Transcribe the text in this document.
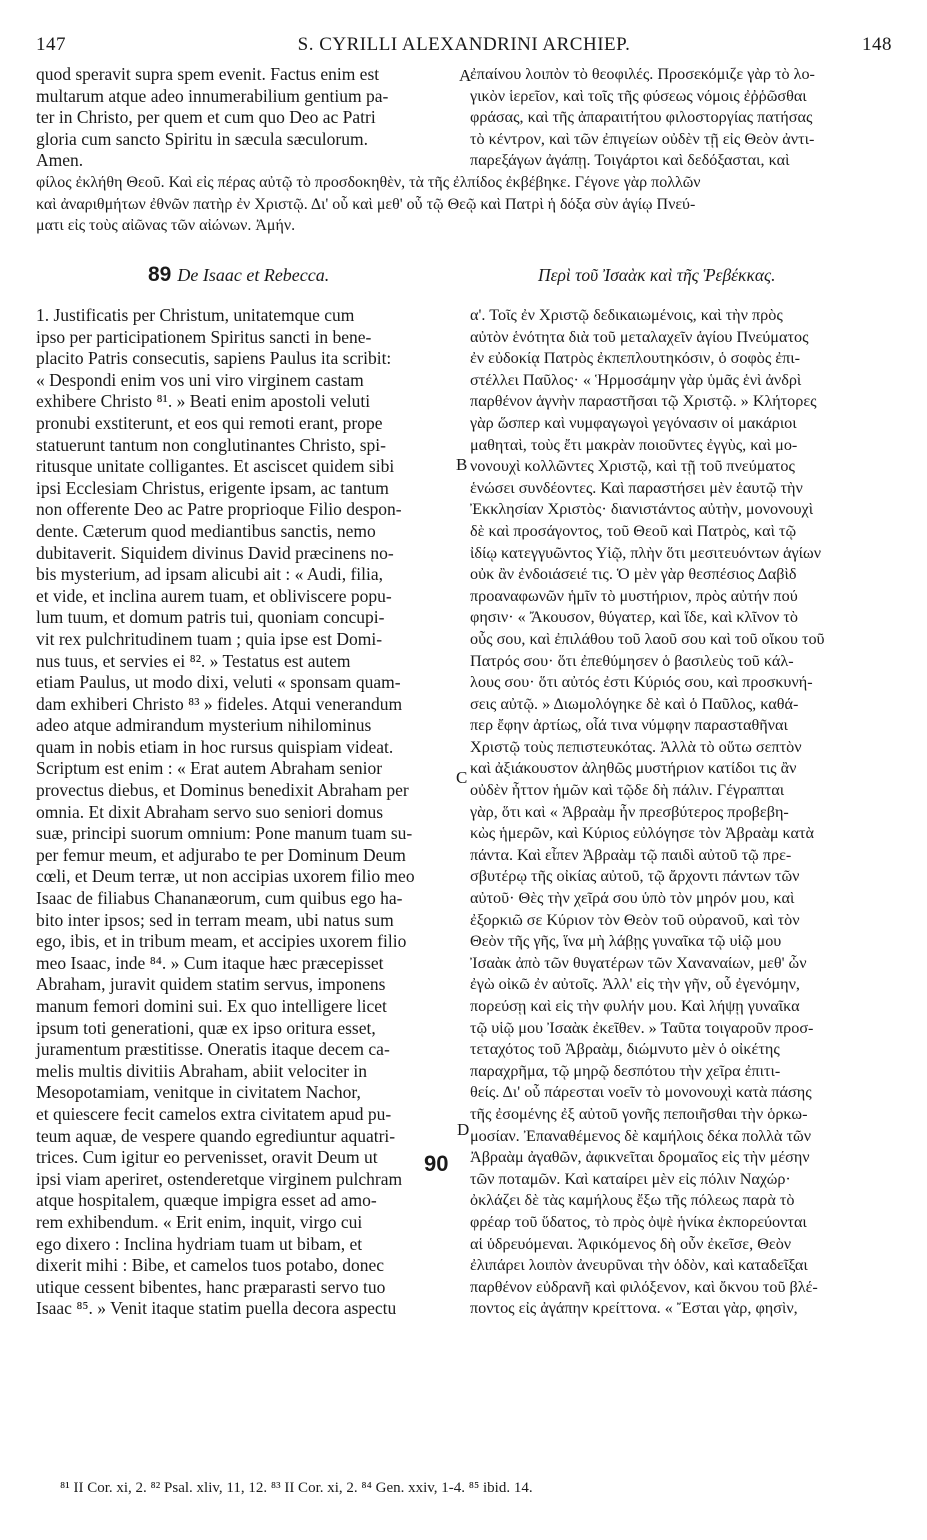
147	S. CYRILLI ALEXANDRINI ARCHIEP.	148
quod speravit supra spem evenit. Factus enim est
multarum atque adeo innumerabilium gentium pa-
ter in Christo, per quem et cum quo Deo ac Patri
gloria cum sancto Spiritu in sæcula sæculorum.
Amen.
ἐπαίνου λοιπὸν τὸ θεοφιλές. Προσεκόμιζε γὰρ τὸ λο-
γικὸν ἱερεῖον, καὶ τοῖς τῆς φύσεως νόμοις ἐῤῥῶσθαι
φράσας, καὶ τῆς ἀπαραιτήτου φιλοστοργίας πατήσας
τὸ κέντρον, καὶ τῶν ἐπιγείων οὐδὲν τῇ εἰς Θεὸν ἀντι-
παρεξάγων ἀγάπῃ. Τοιγάρτοι καὶ δεδόξασται, καὶ
A
φίλος ἐκλήθη Θεοῦ. Καὶ εἰς πέρας αὐτῷ τὸ προσδοκηθὲν, τὰ τῆς ἐλπίδος ἐκβέβηκε. Γέγονε γὰρ πολλῶν
καὶ ἀναριθμήτων ἐθνῶν πατὴρ ἐν Χριστῷ. Δι' οὗ καὶ μεθ' οὗ τῷ Θεῷ καὶ Πατρὶ ἡ δόξα σὺν ἁγίῳ Πνεύ-
ματι εἰς τοὺς αἰῶνας τῶν αἰώνων. Ἀμήν.
89 De Isaac et Rebecca.	Περὶ τοῦ Ἰσαὰκ καὶ τῆς Ῥεβέκκας.
1. Justificatis per Christum, unitatemque cum
ipso per participationem Spiritus sancti in bene-
placito Patris consecutis, sapiens Paulus ita scribit:
« Despondi enim vos uni viro virginem castam
exhibere Christo ⁸¹. » Beati enim apostoli veluti
pronubi exstiterunt, et eos qui remoti erant, prope
statuerunt tantum non conglutinantes Christo, spi-
ritusque unitate colligantes. Et asciscet quidem sibi
ipsi Ecclesiam Christus, erigente ipsam, ac tantum
non offerente Deo ac Patre proprioque Filio despon-
dente. Cæterum quod mediantibus sanctis, nemo
dubitaverit. Siquidem divinus David præcinens no-
bis mysterium, ad ipsam alicubi ait : « Audi, filia,
et vide, et inclina aurem tuam, et obliviscere popu-
lum tuum, et domum patris tui, quoniam concupi-
vit rex pulchritudinem tuam ; quia ipse est Domi-
nus tuus, et servies ei ⁸². » Testatus est autem
etiam Paulus, ut modo dixi, veluti « sponsam quam-
dam exhiberi Christo ⁸³ » fideles. Atqui venerandum
adeo atque admirandum mysterium nihilominus
quam in nobis etiam in hoc rursus quispiam videat.
Scriptum est enim : « Erat autem Abraham senior
provectus diebus, et Dominus benedixit Abraham per
omnia. Et dixit Abraham servo suo seniori domus
suæ, principi suorum omnium: Pone manum tuam su-
per femur meum, et adjurabo te per Dominum Deum
cœli, et Deum terræ, ut non accipias uxorem filio meo
Isaac de filiabus Chananæorum, cum quibus ego ha-
bito inter ipsos; sed in terram meam, ubi natus sum
ego, ibis, et in tribum meam, et accipies uxorem filio
meo Isaac, inde ⁸⁴. » Cum itaque hæc præcepisset
Abraham, juravit quidem statim servus, imponens
manum femori domini sui. Ex quo intelligere licet
ipsum toti generationi, quæ ex ipso oritura esset,
juramentum præstitisse. Oneratis itaque decem ca-
melis multis divitiis Abraham, abiit velociter in
Mesopotamiam, venitque in civitatem Nachor,
et quiescere fecit camelos extra civitatem apud pu-
teum aquæ, de vespere quando egrediuntur aquatri-
trices. Cum igitur eo pervenisset, oravit Deum ut
ipsi viam aperiret, ostenderetque virginem pulchram
atque hospitalem, quæque impigra esset ad amo-
rem exhibendum. « Erit enim, inquit, virgo cui
ego dixero : Inclina hydriam tuam ut bibam, et
dixerit mihi : Bibe, et camelos tuos potabo, donec
utique cessent bibentes, hanc præparasti servo tuo
Isaac ⁸⁵. » Venit itaque statim puella decora aspectu
α'. Τοῖς ἐν Χριστῷ δεδικαιωμένοις, καὶ τὴν πρὸς
αὐτὸν ἑνότητα διὰ τοῦ μεταλαχεῖν ἁγίου Πνεύματος
ἐν εὐδοκίᾳ Πατρὸς ἐκπεπλουτηκόσιν, ὁ σοφὸς ἐπι-
στέλλει Παῦλος· « Ἡρμοσάμην γὰρ ὑμᾶς ἑνὶ ἀνδρὶ
παρθένον ἁγνὴν παραστῆσαι τῷ Χριστῷ. » Κλήτορες
γὰρ ὥσπερ καὶ νυμφαγωγοὶ γεγόνασιν οἱ μακάριοι
μαθηταὶ, τοὺς ἔτι μακρὰν ποιοῦντες ἐγγὺς, καὶ μο-
νονουχὶ κολλῶντες Χριστῷ, καὶ τῇ τοῦ πνεύματος
ἑνώσει συνδέοντες. Καὶ παραστήσει μὲν ἑαυτῷ τὴν
Ἐκκλησίαν Χριστὸς· διανιστάντος αὐτὴν, μονονουχὶ
δὲ καὶ προσάγοντος, τοῦ Θεοῦ καὶ Πατρὸς, καὶ τῷ
ἰδίῳ κατεγγυῶντος Υἱῷ, πλὴν ὅτι μεσιτευόντων ἁγίων
οὐκ ἂν ἐνδοιάσειέ τις. Ὁ μὲν γὰρ θεσπέσιος Δαβὶδ
προαναφωνῶν ἡμῖν τὸ μυστήριον, πρὸς αὐτήν πού
φησιν· « Ἄκουσον, θύγατερ, καὶ ἴδε, καὶ κλῖνον τὸ
οὖς σου, καὶ ἐπιλάθου τοῦ λαοῦ σου καὶ τοῦ οἴκου τοῦ
Πατρός σου· ὅτι ἐπεθύμησεν ὁ βασιλεὺς τοῦ κάλ-
λους σου· ὅτι αὐτός ἐστι Κύριός σου, καὶ προσκυνή-
σεις αὐτῷ. » Διωμολόγηκε δὲ καὶ ὁ Παῦλος, καθά-
περ ἔφην ἀρτίως, οἷά τινα νύμφην παρασταθῆναι
Χριστῷ τοὺς πεπιστευκότας. Ἀλλὰ τὸ οὕτω σεπτὸν
καὶ ἀξιάκουστον ἀληθῶς μυστήριον κατίδοι τις ἂν
οὐδὲν ἧττον ἡμῶν καὶ τῷδε δὴ πάλιν. Γέγραπται
γὰρ, ὅτι καὶ « Ἀβραὰμ ἦν πρεσβύτερος προβεβη-
κὼς ἡμερῶν, καὶ Κύριος εὐλόγησε τὸν Ἀβραὰμ κατὰ
πάντα. Καὶ εἶπεν Ἀβραὰμ τῷ παιδὶ αὐτοῦ τῷ πρε-
σβυτέρῳ τῆς οἰκίας αὐτοῦ, τῷ ἄρχοντι πάντων τῶν
αὐτοῦ· Θὲς τὴν χεῖρά σου ὑπὸ τὸν μηρόν μου, καὶ
ἐξορκιῶ σε Κύριον τὸν Θεὸν τοῦ οὐρανοῦ, καὶ τὸν
Θεὸν τῆς γῆς, ἵνα μὴ λάβῃς γυναῖκα τῷ υἱῷ μου
Ἰσαὰκ ἀπὸ τῶν θυγατέρων τῶν Χαναναίων, μεθ' ὧν
ἐγὼ οἰκῶ ἐν αὐτοῖς. Ἀλλ' εἰς τὴν γῆν, οὗ ἐγενόμην,
πορεύσῃ καὶ εἰς τὴν φυλήν μου. Καὶ λήψῃ γυναῖκα
τῷ υἱῷ μου Ἰσαὰκ ἐκεῖθεν. » Ταῦτα τοιγαροῦν προσ-
τεταχότος τοῦ Ἀβραὰμ, διώμνυτο μὲν ὁ οἰκέτης
παραχρῆμα, τῷ μηρῷ δεσπότου τὴν χεῖρα ἐπιτι-
θείς. Δι' οὗ πάρεσται νοεῖν τὸ μονονουχὶ κατὰ πάσης
τῆς ἐσομένης ἐξ αὐτοῦ γονῆς πεποιῆσθαι τὴν ὁρκω-
μοσίαν. Ἐπαναθέμενος δὲ καμήλοις δέκα πολλὰ τῶν
Ἀβραὰμ ἀγαθῶν, ἀφικνεῖται δρομαῖος εἰς τὴν μέσην
τῶν ποταμῶν. Καὶ καταίρει μὲν εἰς πόλιν Ναχώρ·
ὀκλάζει δὲ τὰς καμήλους ἔξω τῆς πόλεως παρὰ τὸ
φρέαρ τοῦ ὕδατος, τὸ πρὸς ὀψὲ ἡνίκα ἐκπορεύονται
αἱ ὑδρευόμεναι. Ἀφικόμενος δὴ οὖν ἐκεῖσε, Θεὸν
ἐλιπάρει λοιπὸν ἀνευρῦναι τὴν ὁδὸν, καὶ καταδεῖξαι
παρθένον εὐδρανῆ καὶ φιλόξενον, καὶ ὄκνου τοῦ βλέ-
ποντος εἰς ἀγάπην κρείττονα. « Ἔσται γὰρ, φησὶν,
B
C
D
90
⁸¹ II Cor. xi, 2. ⁸² Psal. xliv, 11, 12. ⁸³ II Cor. xi, 2. ⁸⁴ Gen. xxiv, 1-4. ⁸⁵ ibid. 14.
